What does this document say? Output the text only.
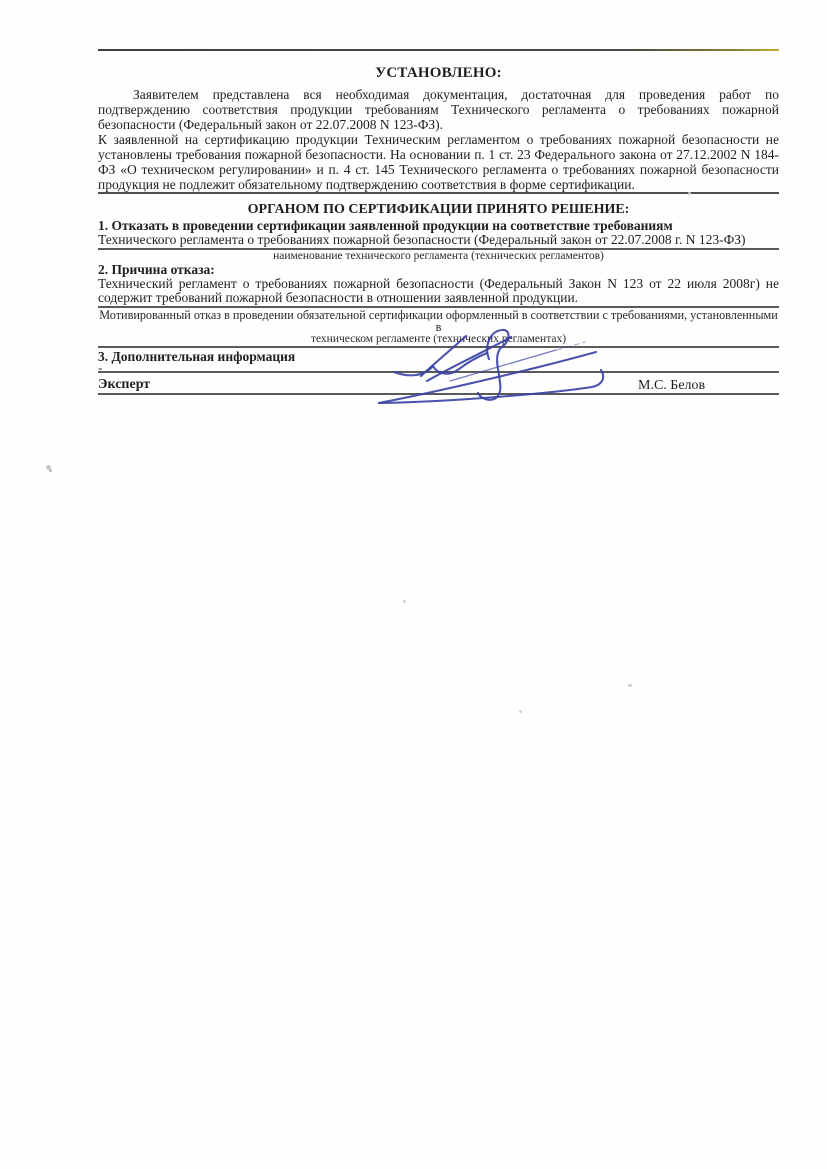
УСТАНОВЛЕНО:

Заявителем представлена вся необходимая документация, достаточная для проведения работ по подтверждению соответствия продукции требованиям Технического регламента о требованиях пожарной безопасности (Федеральный закон от 22.07.2008 N 123-ФЗ).

К заявленной на сертификацию продукции Техническим регламентом о требованиях пожарной безопасности не установлены требования пожарной безопасности. На основании п. 1 ст. 23 Федерального закона от 27.12.2002 N 184-ФЗ «О техническом регулировании» и п. 4 ст. 145 Технического регламента о требованиях пожарной безопасности продукция не подлежит обязательному подтверждению соответствия в форме сертификации.

ОРГАНОМ ПО СЕРТИФИКАЦИИ ПРИНЯТО РЕШЕНИЕ:
1. Отказать в проведении сертификации заявленной продукции на соответствие требованиям
Технического регламента о требованиях пожарной безопасности (Федеральный закон от 22.07.2008 г. N 123-ФЗ)
наименование технического регламента (технических регламентов)
2. Причина отказа:
Технический регламент о требованиях пожарной безопасности (Федеральный Закон N 123 от 22 июля 2008г) не содержит требований пожарной безопасности в отношении заявленной продукции.
Мотивированный отказ в проведении обязательной сертификации оформленный в соответствии с требованиями, установленными в
техническом регламенте (технических регламентах)
3. Дополнительная информация
-
Эксперт	М.С. Белов
